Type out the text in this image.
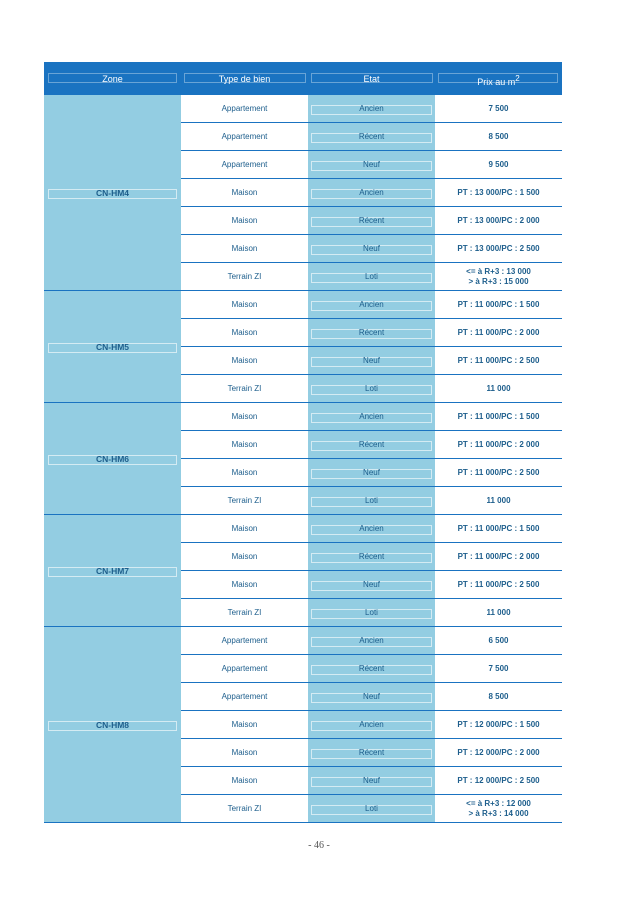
Zone	Type de bien	Etat	Prix au $m^2$
CN-HM4
Appartement	Ancien	7 500
Appartement	Récent	8 500
Appartement	Neuf	9 500
Maison	Ancien	PT : 13 000/PC : 1 500
Maison	Récent	PT : 13 000/PC : 2 000
Maison	Neuf	PT : 13 000/PC : 2 500
Terrain ZI	Loti
<= à R+3 : 13 000
> à R+3 : 15 000
CN-HM5
Maison	Ancien	PT : 11 000/PC : 1 500
Maison	Récent	PT : 11 000/PC : 2 000
Maison	Neuf	PT : 11 000/PC : 2 500
Terrain ZI	Loti	11 000
CN-HM6
Maison	Ancien	PT : 11 000/PC : 1 500
Maison	Récent	PT : 11 000/PC : 2 000
Maison	Neuf	PT : 11 000/PC : 2 500
Terrain ZI	Loti	11 000
CN-HM7
Maison	Ancien	PT : 11 000/PC : 1 500
Maison	Récent	PT : 11 000/PC : 2 000
Maison	Neuf	PT : 11 000/PC : 2 500
Terrain ZI	Loti	11 000
CN-HM8
Appartement	Ancien	6 500
Appartement	Récent	7 500
Appartement	Neuf	8 500
Maison	Ancien	PT : 12 000/PC : 1 500
Maison	Récent	PT : 12 000/PC : 2 000
Maison	Neuf	PT : 12 000/PC : 2 500
Terrain ZI	Loti
<= à R+3 : 12 000
> à R+3 : 14 000
- 46 -
